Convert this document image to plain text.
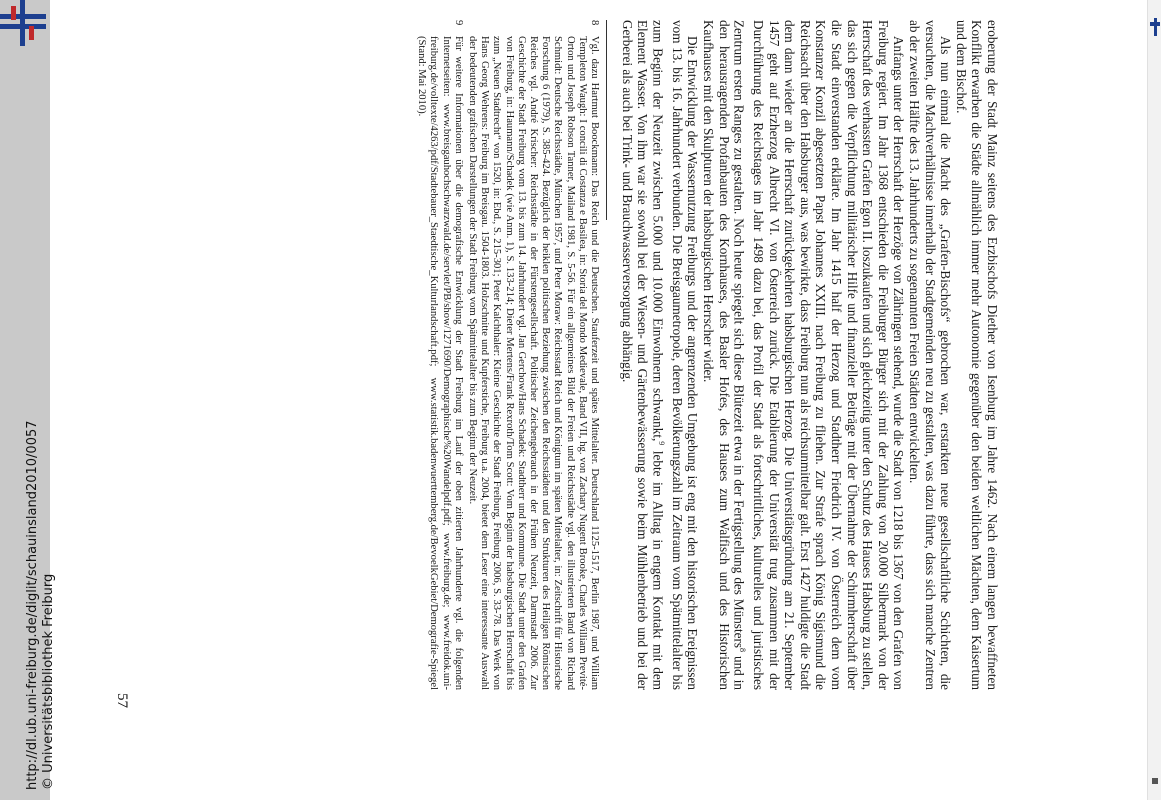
http://dl.ub.uni-freiburg.de/diglit/schauinsland2010/0057 © Universitätsbibliothek Freiburg	57

eroberung der Stadt Mainz seitens des Erzbischofs Diether von Isenburg im Jahre 1462. Nach einem langen bewaffneten Konflikt erwarben die Städte allmählich immer mehr Autonomie gegenüber den beiden weltlichen Mächten, dem Kaisertum und dem Bischof.

Als nun einmal die Macht des „Grafen-Bischofs“ gebrochen war, erstarkten neue gesellschaftliche Schichten, die versuchten, die Machtverhältnisse innerhalb der Stadtgemeinden neu zu gestalten, was dazu führte, dass sich manche Zentren ab der zweiten Hälfte des 13. Jahrhunderts zu sogenannten Freien Städten entwickelten.

Anfangs unter der Herrschaft der Herzöge von Zähringen stehend, wurde die Stadt von 1218 bis 1367 von den Grafen von Freiburg regiert. Im Jahr 1368 entschieden die Freiburger Bürger sich mit der Zahlung von 20.000 Silbermark von der Herrschaft des verhassten Grafen Egon II. loszukaufen und sich gleichzeitig unter den Schutz des Hauses Habsburg zu stellen, das sich gegen die Verpflichtung militärischer Hilfe und finanzieller Beiträge mit der Übernahme der Schirmherrschaft über die Stadt einverstanden erklärte. Im Jahr 1415 half der Herzog und Stadtherr Friedrich IV. von Österreich dem vom Konstanzer Konzil abgesetzten Papst Johannes XXIII. nach Freiburg zu fliehen. Zur Strafe sprach König Sigismund die Reichsacht über den Habsburger aus, was bewirkte, dass Freiburg nun als reichsunmittelbar galt. Erst 1427 huldigte die Stadt dem dann wieder an die Herrschaft zurückgekehrten habsburgischen Herzog. Die Universitätsgründung am 21. September 1457 geht auf Erzherzog Albrecht VI. von Österreich zurück. Die Etablierung der Universität trug zusammen mit der Durchführung des Reichstages im Jahr 1498 dazu bei, das Profil der Stadt als fortschrittliches, kulturelles und juristisches Zentrum ersten Ranges zu gestalten. Noch heute spiegelt sich diese Blütezeit etwa in der Fertigstellung des Münsters$^8$ und in den herausragenden Profanbauten des Kornhauses, des Basler Hofes, des Hauses zum Walfisch und des Historischen Kaufhauses mit den Skulpturen der habsburgischen Herrscher wider.

Die Entwicklung der Wassernutzung Freiburgs und der angrenzenden Umgebung ist eng mit den historischen Ereignissen vom 13. bis 16. Jahrhundert verbunden. Die Breisgaumetropole, deren Bevölkerungszahl im Zeitraum vom Spätmittelalter bis zum Beginn der Neuzeit zwischen 5.000 und 10.000 Einwohnern schwankt,$^9$ lebte im Alltag in engem Kontakt mit dem Element Wasser. Von ihm war sie sowohl bei der Wiesen- und Gärtenbewässerung sowie beim Mühlenbetrieb und bei der Gerberei als auch bei Trink- und Brauchwasserversorgung abhängig.

8
Vgl. dazu Hartmut Boockmann: Das Reich und die Deutschen. Stauferzeit und spätes Mittelalter. Deutschland 1125-1517, Berlin 1987, und William Templeton Waugh: I concili di Costanza e Basilea, in: Storia del Mondo Medievale, Band VII, hg. von Zachary Nugent Brooke, Charles William Previté-Orton und Joseph Robson Tanner, Mailand 1981, S. 5-56. Für ein allgemeines Bild der Freien und Reichsstädte vgl. den illustrierten Band von Richard Schmidt: Deutsche Reichsstädte, München 1957, und Peter Moraw: Reichsstadt Reich und Königtum im späten Mittelalter, in: Zeitschrift für Historische Forschung 6 (1979), S. 385-424. Bezüglich der heiklen politischen Beziehung zwischen den Reichsstädten und den Strukturen des Heiligen Römischen Reiches vgl. André Krischer: Reichsstädte in der Fürstengesellschaft. Politischer Zeichengebrauch in der Frühen Neuzeit, Darmstadt 2006. Zur Geschichte der Stadt Freiburg vom 13. bis zum 14. Jahrhundert vgl. Jan Gerchow/Hans Schadek: Stadtherr und Kommune. Die Stadt unter den Grafen von Freiburg, in: Haumann/Schadek (wie Anm. 1), S. 133-214; Dieter Mertens/Frank Rexroth/Tom Scott: Vom Beginn der habsburgischen Herrschaft bis zum „Neuen Stadtrecht“ von 1520, in: Ebd., S. 215-301; Peter Kalchthaler: Kleine Geschichte der Stadt Freiburg, Freiburg 2006, S. 33-78. Das Werk von Hans Georg Wehrens: Freiburg im Breisgau. 1504-1803. Holzschnitte und Kupferstiche, Freiburg u.a. 2004, bietet dem Leser eine interessante Auswahl der bedeutenden grafischen Darstellungen der Stadt Freiburg vom Spätmittelalter bis zum Beginn der Neuzeit.

9
Für weitere Informationen über die demografische Entwicklung der Stadt Freiburg im Lauf der oben zitierten Jahrhunderte vgl. die folgenden Internetseiten: www.breisgauhochschwarzwald.de/servlet/PB/show/1271690/Demographische%20Wandelpdf.pdf; www.freiburg.de; www.freidok.uni-freiburg.de/volltexte/4263/pdf/Stadtebauer_Staedtische_Kulturlandschaft.pdf; www.statistik.badenwuerttemberg.de/BevoelkGebiet/Demografie-Spiegel (Stand: Mai 2010).
